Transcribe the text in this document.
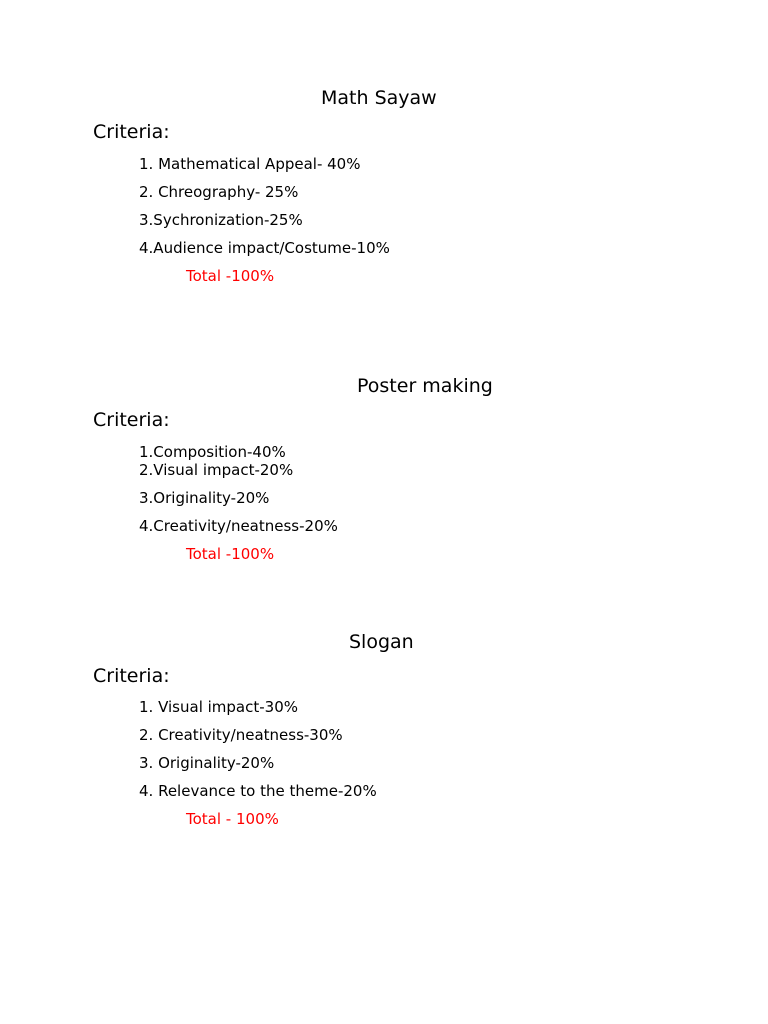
Math Sayaw
Criteria:
1. Mathematical Appeal- 40%
2. Chreography- 25%
3.Sychronization-25%
4.Audience impact/Costume-10%
Total -100%
Poster making
Criteria:
1.Composition-40%
2.Visual impact-20%
3.Originality-20%
4.Creativity/neatness-20%
Total -100%
Slogan
Criteria:
1. Visual impact-30%
2. Creativity/neatness-30%
3. Originality-20%
4. Relevance to the theme-20%
Total - 100%
